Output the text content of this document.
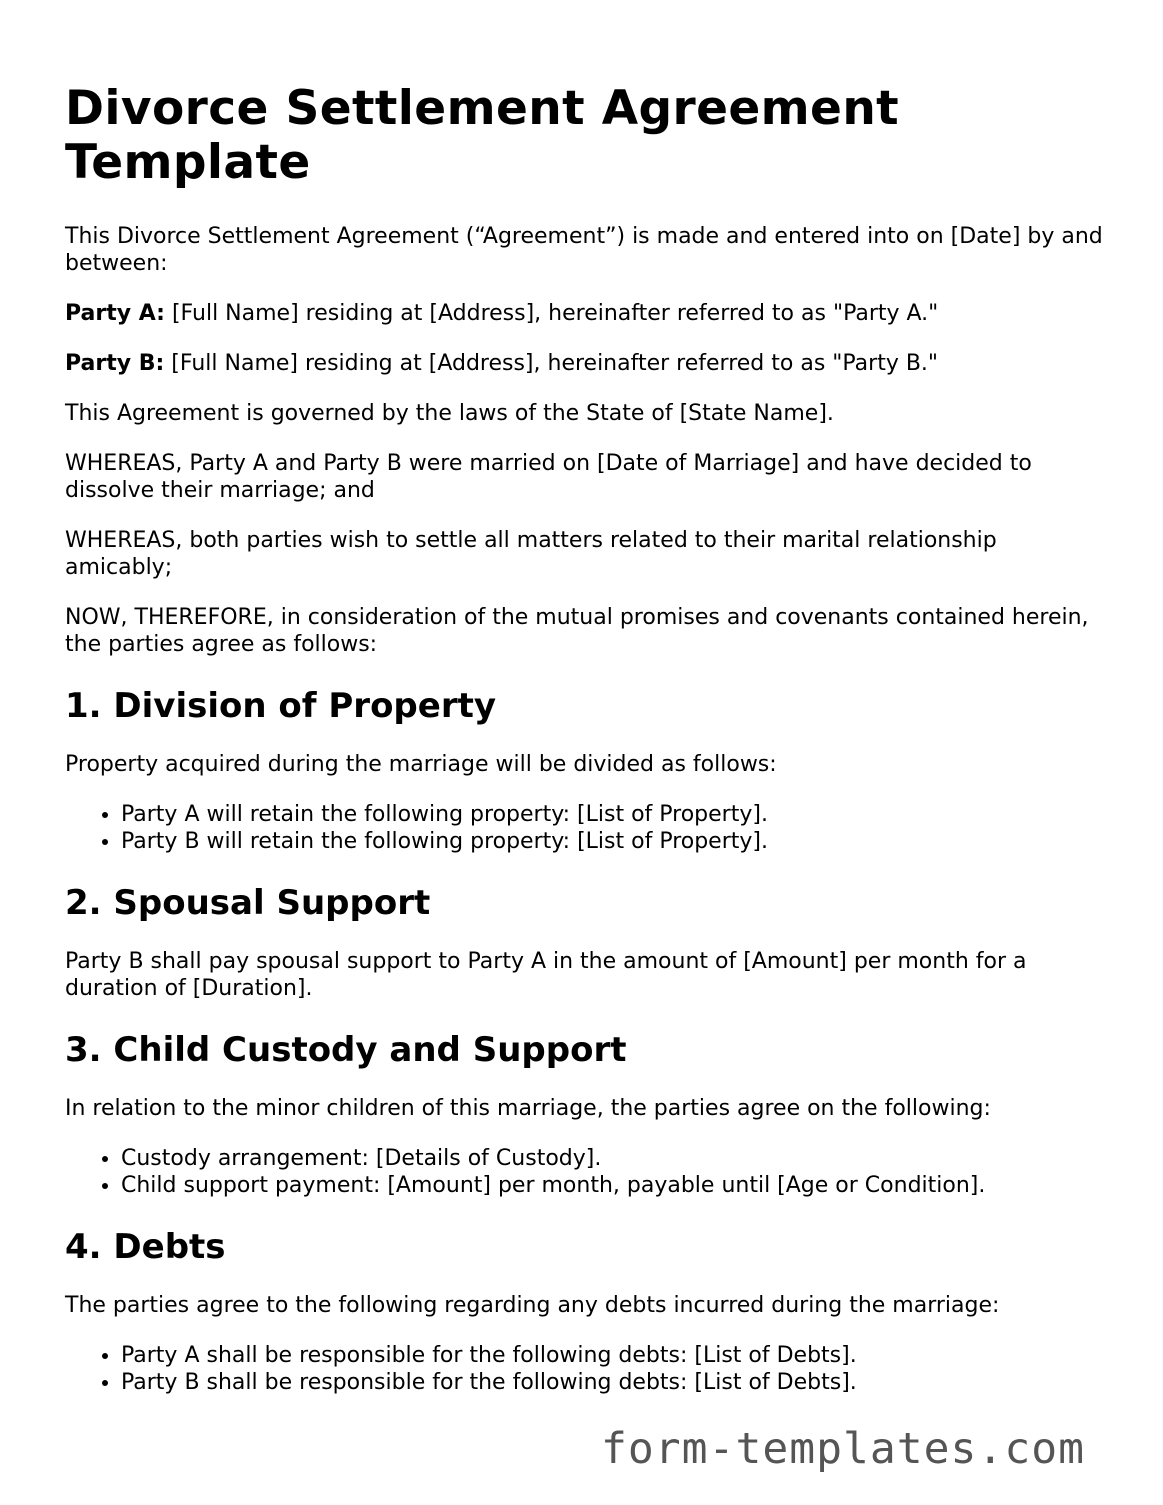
Divorce Settlement Agreement Template

This Divorce Settlement Agreement (“Agreement”) is made and entered into on [Date] by and between:

Party A: [Full Name] residing at [Address], hereinafter referred to as "Party A."

Party B: [Full Name] residing at [Address], hereinafter referred to as "Party B."

This Agreement is governed by the laws of the State of [State Name].

WHEREAS, Party A and Party B were married on [Date of Marriage] and have decided to dissolve their marriage; and

WHEREAS, both parties wish to settle all matters related to their marital relationship amicably;

NOW, THEREFORE, in consideration of the mutual promises and covenants contained herein, the parties agree as follows:

1. Division of Property

Property acquired during the marriage will be divided as follows:

• Party A will retain the following property: [List of Property].
• Party B will retain the following property: [List of Property].
2. Spousal Support

Party B shall pay spousal support to Party A in the amount of [Amount] per month for a duration of [Duration].

3. Child Custody and Support

In relation to the minor children of this marriage, the parties agree on the following:

• Custody arrangement: [Details of Custody].
• Child support payment: [Amount] per month, payable until [Age or Condition].
4. Debts

The parties agree to the following regarding any debts incurred during the marriage:

• Party A shall be responsible for the following debts: [List of Debts].
• Party B shall be responsible for the following debts: [List of Debts].
form-templates.com
